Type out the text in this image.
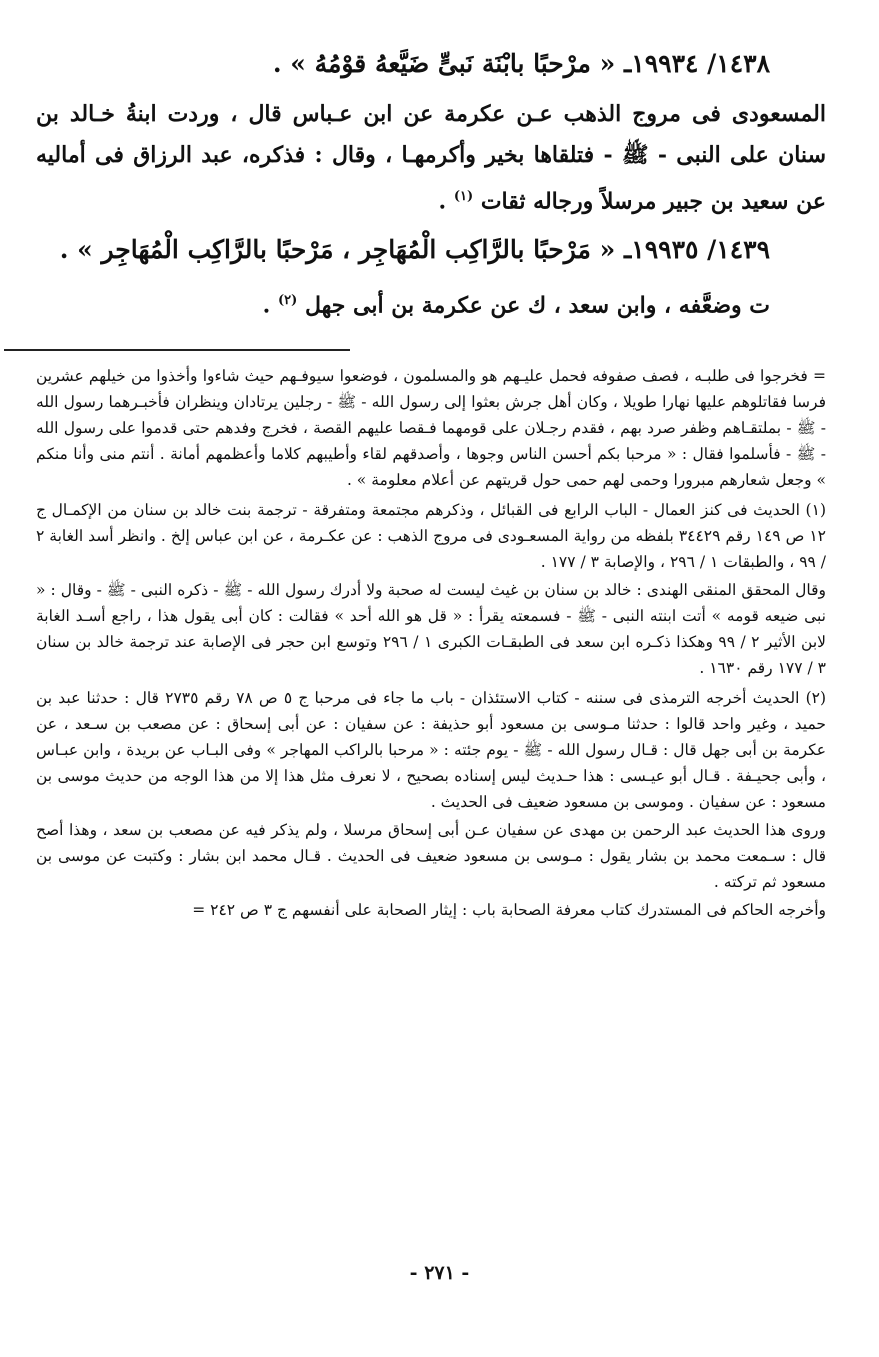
١٤٣٨/ ١٩٩٣٤ـ « مرْحبًا بابْنَة نَبىٍّ ضَيَّعهُ قوْمُهُ » .

المسعودى فى مروج الذهب عـن عكرمة عن ابن عـباس قال ، وردت ابنةُ خـالد بن سنان على النبى - ﷺ - فتلقاها بخير وأكرمهـا ، وقال : فذكره، عبد الرزاق فى أماليه عن سعيد بن جبير مرسلاً ورجاله ثقات $^{(١)}$ .

١٤٣٩/ ١٩٩٣٥ـ « مَرْحبًا بالرَّاكِب الْمُهَاجِر ، مَرْحبًا بالرَّاكِب الْمُهَاجِر » .

ت وضعَّفه ، وابن سعد ، ك عن عكرمة بن أبى جهل $^{(٢)}$ .

= فخرجوا فى طلبـه ، فصف صفوفه فحمل عليـهم هو والمسلمون ، فوضعوا سيوفـهم حيث شاءوا وأخذوا من خيلهم عشرين فرسا فقاتلوهم عليها نهارا طويلا ، وكان أهل جرش بعثوا إلى رسول الله - ﷺ - رجلين يرتادان وينظران فأخبـرهما رسول الله - ﷺ - بملتقـاهم وظفر صرد بهم ، فقدم رجـلان على قومهما فـقصا عليهم القصة ، فخرج وفدهم حتى قدموا على رسول الله - ﷺ - فأسلموا فقال : « مرحبا بكم أحسن الناس وجوها ، وأصدقهم لقاء وأطيبهم كلاما وأعظمهم أمانة . أنتم منى وأنا منكم » وجعل شعارهم مبرورا وحمى لهم حمى حول قريتهم عن أعلام معلومة » .

(١) الحديث فى كنز العمال - الباب الرابع فى القبائل ، وذكرهم مجتمعة ومتفرقة - ترجمة بنت خالد بن سنان من الإكمـال ج ١٢ ص ١٤٩ رقم ٣٤٤٢٩ بلفظه من رواية المسعـودى فى مروج الذهب : عن عكـرمة ، عن ابن عباس إلخ . وانظر أسد الغابة ٢ / ٩٩ ، والطبقات ١ / ٢٩٦ ، والإصابة ٣ / ١٧٧ .

وقال المحقق المنقى الهندى : خالد بن سنان بن غيث ليست له صحبة ولا أدرك رسول الله - ﷺ - ذكره النبى - ﷺ - وقال : « نبى ضيعه قومه » أتت ابنته النبى - ﷺ - فسمعته يقرأ : « قل هو الله أحد » فقالت : كان أبى يقول هذا ، راجع أسـد الغابة لابن الأثير ٢ / ٩٩ وهكذا ذكـره ابن سعد فى الطبقـات الكبرى ١ / ٢٩٦ وتوسع ابن حجر فى الإصابة عند ترجمة خالد بن سنان ٣ / ١٧٧ رقم ١٦٣٠ .

(٢) الحديث أخرجه الترمذى فى سننه - كتاب الاستئذان - باب ما جاء فى مرحبا ج ٥ ص ٧٨ رقم ٢٧٣٥ قال : حدثنا عبد بن حميد ، وغير واحد قالوا : حدثنا مـوسى بن مسعود أبو حذيفة : عن سفيان : عن أبى إسحاق : عن مصعب بن سـعد ، عن عكرمة بن أبى جهل قال : قـال رسول الله - ﷺ - يوم جئته : « مرحبا بالراكب المهاجر » وفى البـاب عن بريدة ، وابن عبـاس ، وأبى جحيـفة . قـال أبو عيـسى : هذا حـديث ليس إسناده بصحيح ، لا نعرف مثل هذا إلا من هذا الوجه من حديث موسى بن مسعود : عن سفيان . وموسى بن مسعود ضعيف فى الحديث .

وروى هذا الحديث عبد الرحمن بن مهدى عن سفيان عـن أبى إسحاق مرسلا ، ولم يذكر فيه عن مصعب بن سعد ، وهذا أصح قال : سـمعت محمد بن بشار يقول : مـوسى بن مسعود ضعيف فى الحديث . قـال محمد ابن بشار : وكتبت عن موسى بن مسعود ثم تركته .

وأخرجه الحاكم فى المستدرك كتاب معرفة الصحابة باب : إيثار الصحابة على أنفسهم ج ٣ ص ٢٤٢ =

- ٢٧١ -
